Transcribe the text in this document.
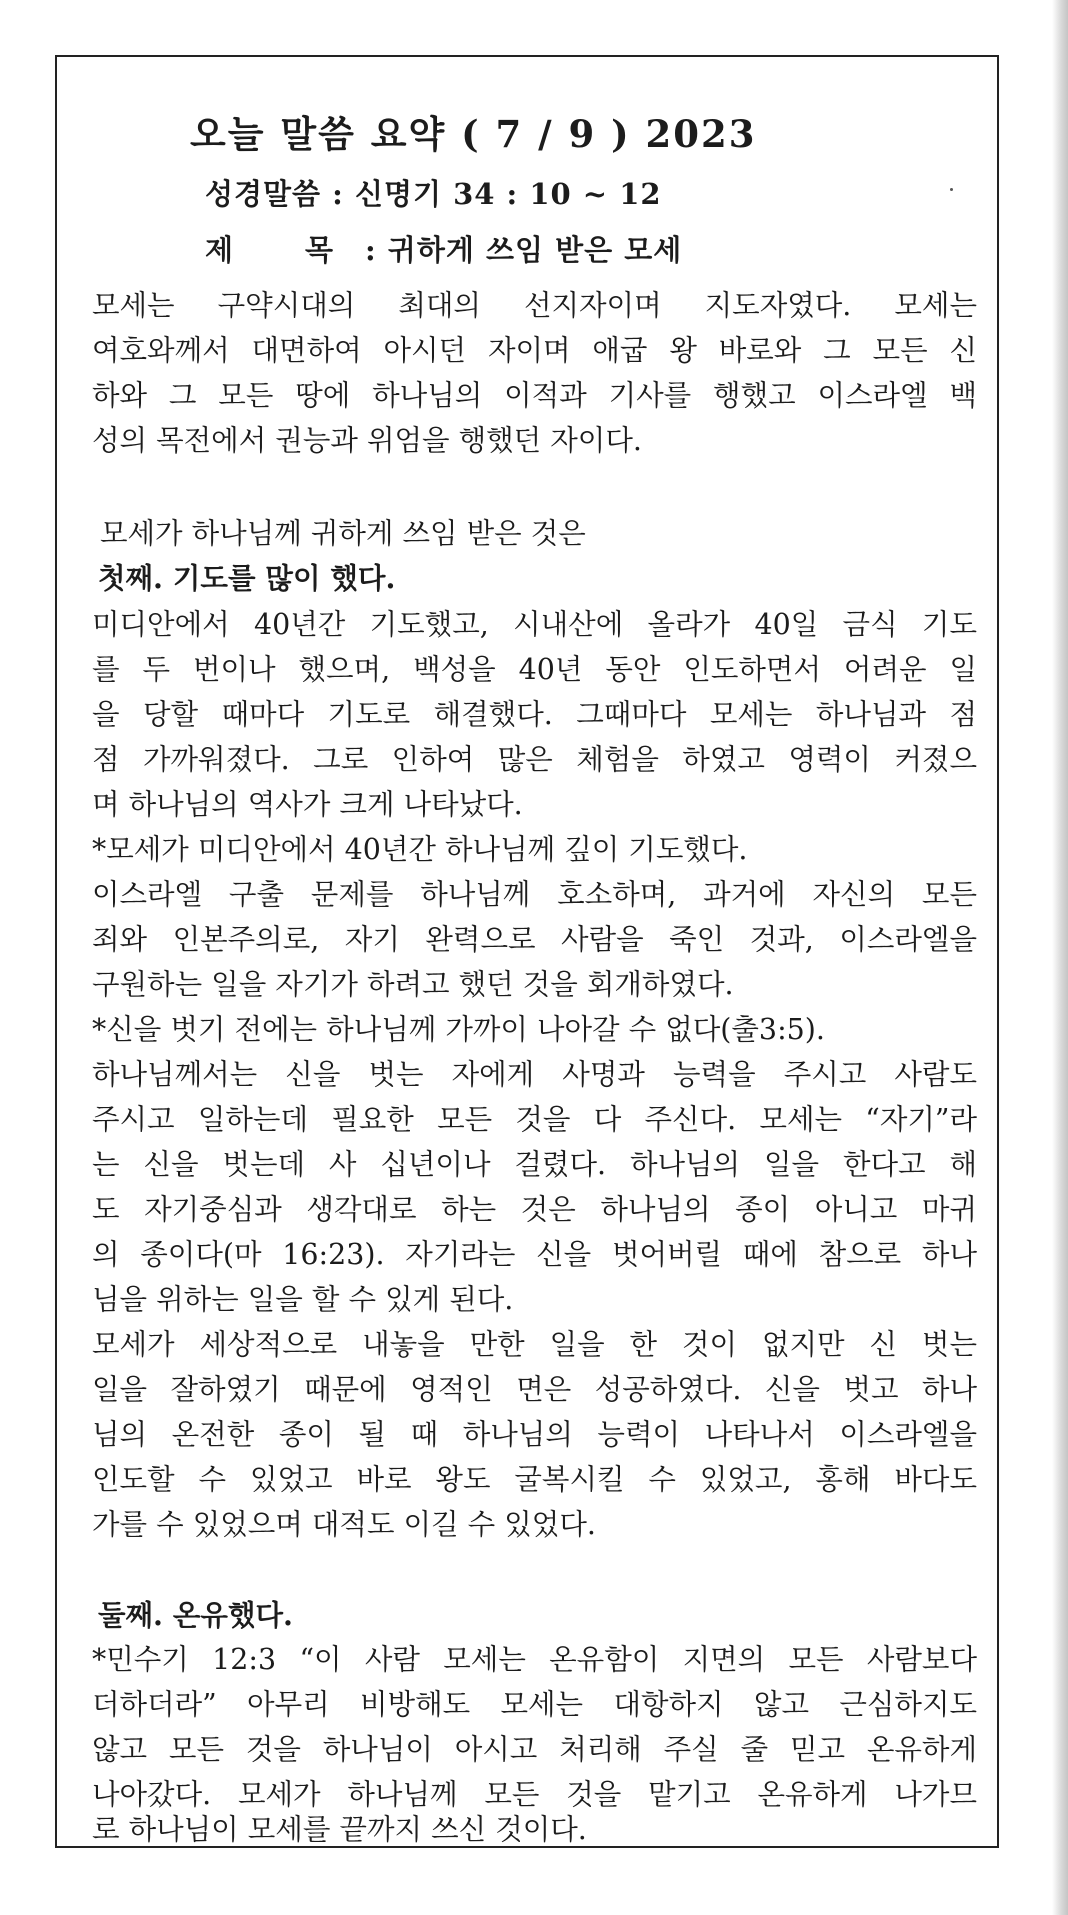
오늘 말씀 요약 ( 7 / 9 ) 2023
성경말씀 : 신명기 34 : 10 ~ 12
제 목 : 귀하게 쓰임 받은 모세
모세는 구약시대의 최대의 선지자이며 지도자였다. 모세는
여호와께서 대면하여 아시던 자이며 애굽 왕 바로와 그 모든 신
하와 그 모든 땅에 하나님의 이적과 기사를 행했고 이스라엘 백
성의 목전에서 권능과 위엄을 행했던 자이다.
모세가 하나님께 귀하게 쓰임 받은 것은
첫째. 기도를 많이 했다.
미디안에서 40년간 기도했고, 시내산에 올라가 40일 금식 기도
를 두 번이나 했으며, 백성을 40년 동안 인도하면서 어려운 일
을 당할 때마다 기도로 해결했다. 그때마다 모세는 하나님과 점
점 가까워졌다. 그로 인하여 많은 체험을 하였고 영력이 커졌으
며 하나님의 역사가 크게 나타났다.
*모세가 미디안에서 40년간 하나님께 깊이 기도했다.
이스라엘 구출 문제를 하나님께 호소하며, 과거에 자신의 모든
죄와 인본주의로, 자기 완력으로 사람을 죽인 것과, 이스라엘을
구원하는 일을 자기가 하려고 했던 것을 회개하였다.
*신을 벗기 전에는 하나님께 가까이 나아갈 수 없다(출3:5).
하나님께서는 신을 벗는 자에게 사명과 능력을 주시고 사람도
주시고 일하는데 필요한 모든 것을 다 주신다. 모세는 “자기”라
는 신을 벗는데 사 십년이나 걸렸다. 하나님의 일을 한다고 해
도 자기중심과 생각대로 하는 것은 하나님의 종이 아니고 마귀
의 종이다(마 16:23). 자기라는 신을 벗어버릴 때에 참으로 하나
님을 위하는 일을 할 수 있게 된다.
모세가 세상적으로 내놓을 만한 일을 한 것이 없지만 신 벗는
일을 잘하였기 때문에 영적인 면은 성공하였다. 신을 벗고 하나
님의 온전한 종이 될 때 하나님의 능력이 나타나서 이스라엘을
인도할 수 있었고 바로 왕도 굴복시킬 수 있었고, 홍해 바다도
가를 수 있었으며 대적도 이길 수 있었다.
둘째. 온유했다.
*민수기 12:3 “이 사람 모세는 온유함이 지면의 모든 사람보다
더하더라” 아무리 비방해도 모세는 대항하지 않고 근심하지도
않고 모든 것을 하나님이 아시고 처리해 주실 줄 믿고 온유하게
나아갔다. 모세가 하나님께 모든 것을 맡기고 온유하게 나가므
로 하나님이 모세를 끝까지 쓰신 것이다.
